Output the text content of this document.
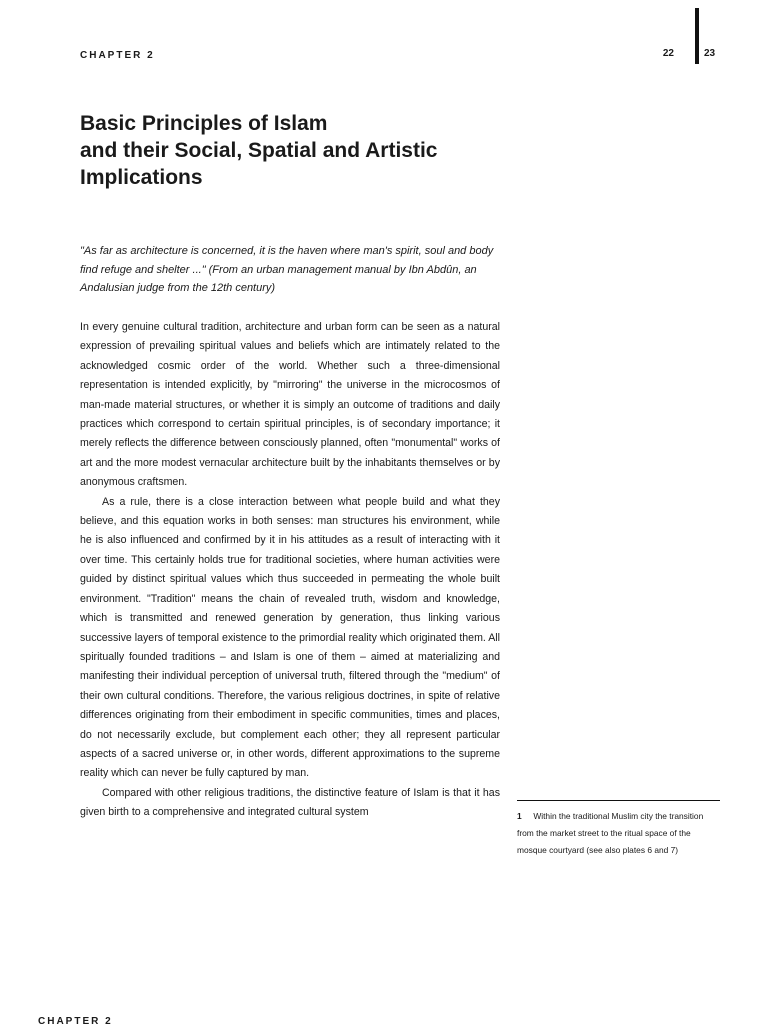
CHAPTER 2	22	23
Basic Principles of Islam
and their Social, Spatial and Artistic
Implications

"As far as architecture is concerned, it is the haven where man's spirit, soul and body find refuge and shelter ..." (From an urban management manual by Ibn Abdûn, an Andalusian judge from the 12th century)

In every genuine cultural tradition, architecture and urban form can be seen as a natural expression of prevailing spiritual values and beliefs which are intimately related to the acknowledged cosmic order of the world. Whether such a three-dimensional representation is intended explicitly, by "mirroring" the universe in the microcosmos of man-made material structures, or whether it is simply an outcome of traditions and daily practices which correspond to certain spiritual principles, is of secondary importance; it merely reflects the difference between consciously planned, often "monumental" works of art and the more modest vernacular architecture built by the inhabitants themselves or by anonymous craftsmen.

As a rule, there is a close interaction between what people build and what they believe, and this equation works in both senses: man structures his environment, while he is also influenced and confirmed by it in his attitudes as a result of interacting with it over time. This certainly holds true for traditional societies, where human activities were guided by distinct spiritual values which thus succeeded in permeating the whole built environment. "Tradition" means the chain of revealed truth, wisdom and knowledge, which is transmitted and renewed generation by generation, thus linking various successive layers of temporal existence to the primordial reality which originated them. All spiritually founded traditions – and Islam is one of them – aimed at materializing and manifesting their individual perception of universal truth, filtered through the "medium" of their own cultural conditions. Therefore, the various religious doctrines, in spite of relative differences originating from their embodiment in specific communities, times and places, do not necessarily exclude, but complement each other; they all represent particular aspects of a sacred universe or, in other words, different approximations to the supreme reality which can never be fully captured by man.

Compared with other religious traditions, the distinctive feature of Islam is that it has given birth to a comprehensive and integrated cultural system	1 Within the traditional Muslim city the transition from the market street to the ritual space of the mosque courtyard (see also plates 6 and 7)
CHAPTER 2
